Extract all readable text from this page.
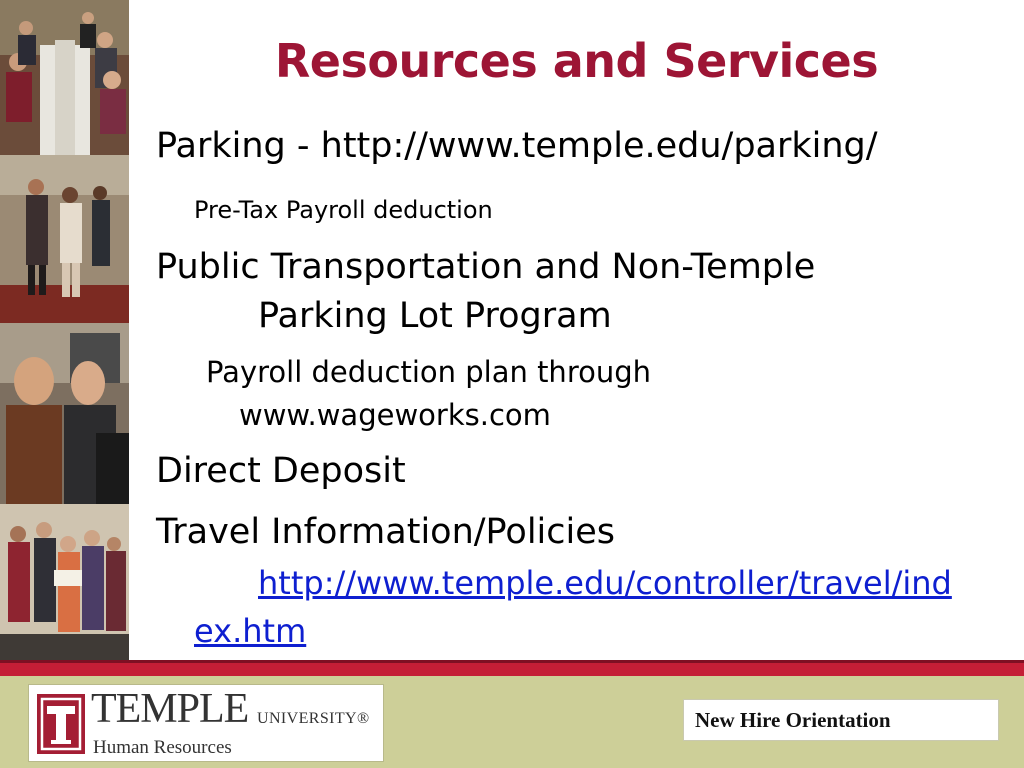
Resources and Services
Parking - http://www.temple.edu/parking/
Pre-Tax Payroll deduction
Public Transportation and Non-Temple
Parking Lot Program
Payroll deduction plan through
www.wageworks.com
Direct Deposit
Travel Information/Policies
http://www.temple.edu/controller/travel/ind
ex.htm
TEMPLE UNIVERSITY®
Human Resources
New Hire Orientation
